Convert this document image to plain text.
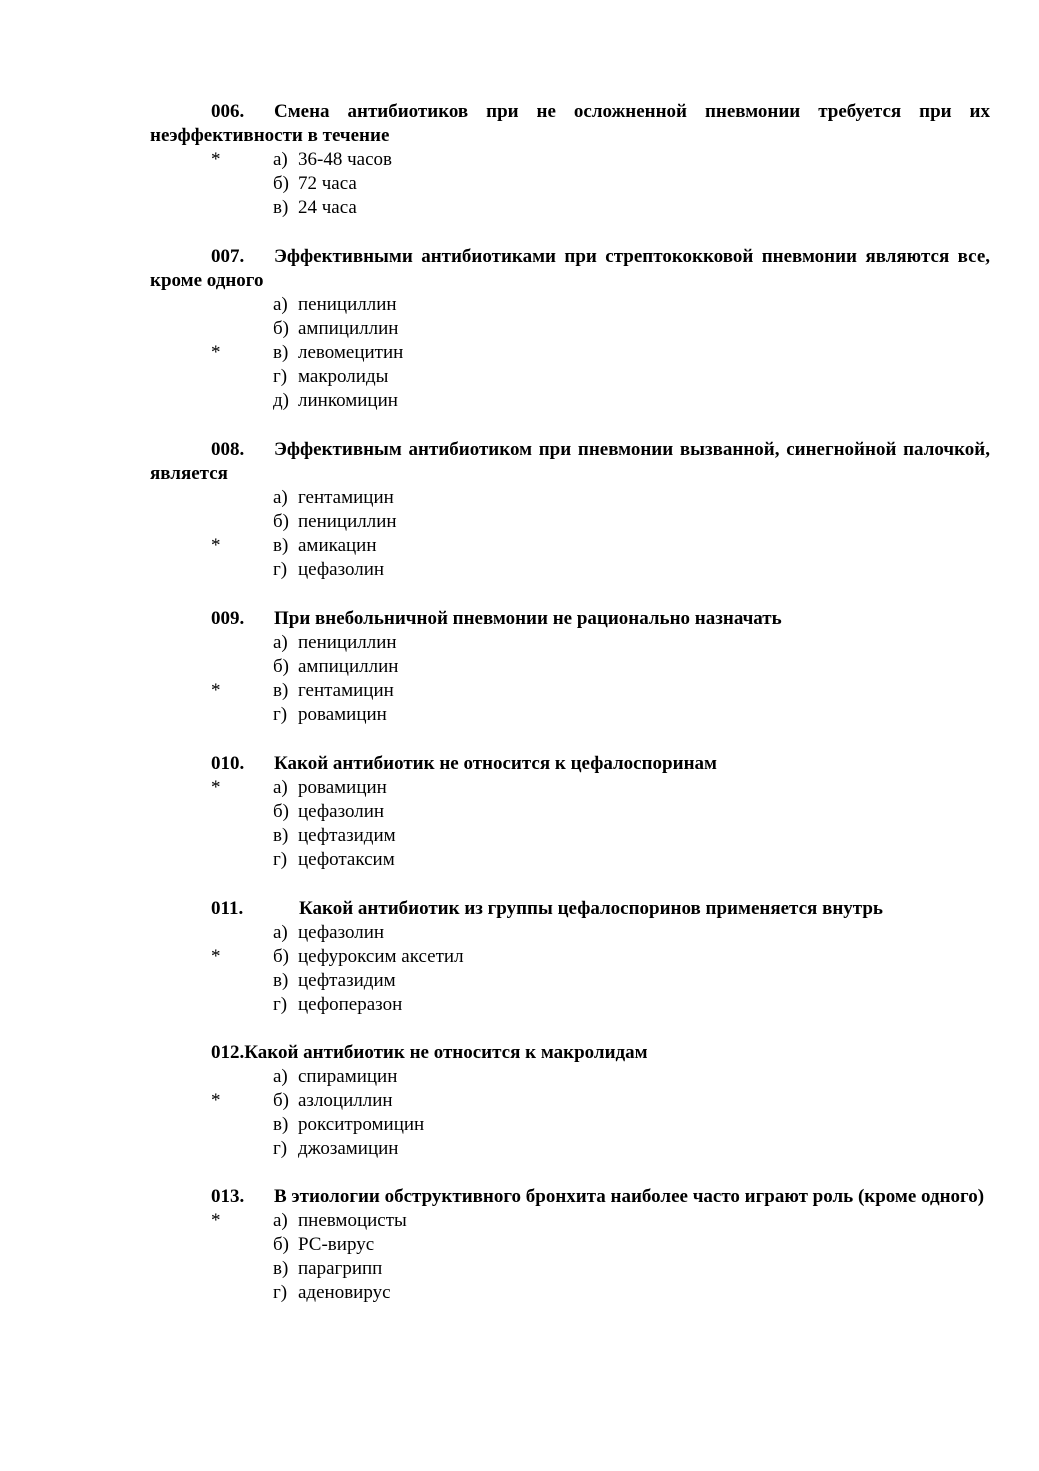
006. Смена антибиотиков при не осложненной пневмонии требуется при их неэффективности в течение
*	а) 36-48 часов
б) 72 часа
в) 24 часа
007. Эффективными антибиотиками при стрептококковой пневмонии являются все, кроме одного
а) пенициллин
б) ампициллин
*	в) левомецитин
г) макролиды
д) линкомицин
008. Эффективным антибиотиком при пневмонии вызванной, синегнойной палочкой, является
а) гентамицин
б) пенициллин
*	в) амикацин
г) цефазолин
009. При внебольничной пневмонии не рационально назначать
а) пенициллин
б) ампициллин
*	в) гентамицин
г) ровамицин
010. Какой антибиотик не относится к цефалоспоринам
*	а) ровамицин
б) цефазолин
в) цефтазидим
г) цефотаксим
011.	Какой антибиотик из группы цефалоспоринов применяется внутрь
а) цефазолин
*	б) цефуроксим аксетил
в) цефтазидим
г) цефоперазон
012.Какой антибиотик не относится к макролидам
а) спирамицин
*	б) азлоциллин
в) рокситромицин
г) джозамицин
013. В этиологии обструктивного бронхита наиболее часто играют роль (кроме одного)
*	а) пневмоцисты
б) РС-вирус
в) парагрипп
г) аденовирус
